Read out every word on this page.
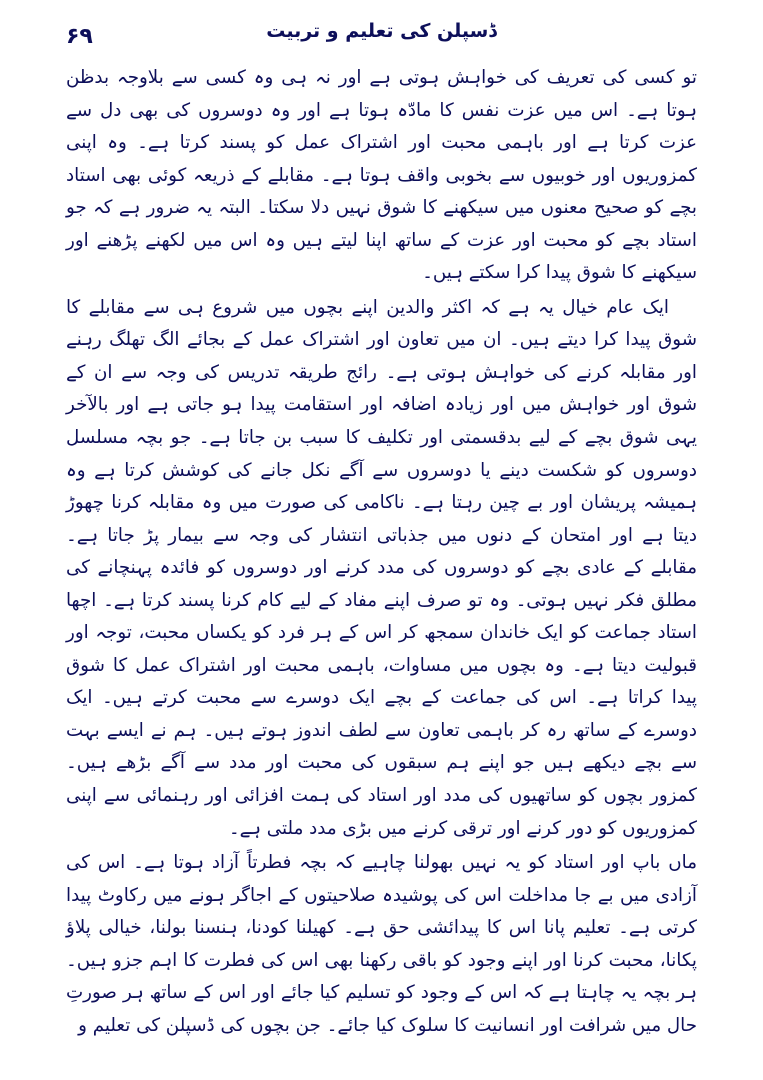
۶۹	ڈسپلن کی تعلیم و تربیت

تو کسی کی تعریف کی خواہش ہوتی ہے اور نہ ہی وہ کسی سے بلاوجہ بدظن ہوتا ہے۔ اس میں عزت نفس کا مادّہ ہوتا ہے اور وہ دوسروں کی بھی دل سے عزت کرتا ہے اور باہمی محبت اور اشتراک عمل کو پسند کرتا ہے۔ وہ اپنی کمزوریوں اور خوبیوں سے بخوبی واقف ہوتا ہے۔ مقابلے کے ذریعہ کوئی بھی استاد بچے کو صحیح معنوں میں سیکھنے کا شوق نہیں دلا سکتا۔ البتہ یہ ضرور ہے کہ جو استاد بچے کو محبت اور عزت کے ساتھ اپنا لیتے ہیں وہ اس میں لکھنے پڑھنے اور سیکھنے کا شوق پیدا کرا سکتے ہیں۔

ایک عام خیال یہ ہے کہ اکثر والدین اپنے بچوں میں شروع ہی سے مقابلے کا شوق پیدا کرا دیتے ہیں۔ ان میں تعاون اور اشتراک عمل کے بجائے الگ تھلگ رہنے اور مقابلہ کرنے کی خواہش ہوتی ہے۔ رائج طریقہ تدریس کی وجہ سے ان کے شوق اور خواہش میں اور زیادہ اضافہ اور استقامت پیدا ہو جاتی ہے اور بالآخر یہی شوق بچے کے لیے بدقسمتی اور تکلیف کا سبب بن جاتا ہے۔ جو بچہ مسلسل دوسروں کو شکست دینے یا دوسروں سے آگے نکل جانے کی کوشش کرتا ہے وہ ہمیشہ پریشان اور بے چین رہتا ہے۔ ناکامی کی صورت میں وہ مقابلہ کرنا چھوڑ دیتا ہے اور امتحان کے دنوں میں جذباتی انتشار کی وجہ سے بیمار پڑ جاتا ہے۔ مقابلے کے عادی بچے کو دوسروں کی مدد کرنے اور دوسروں کو فائدہ پہنچانے کی مطلق فکر نہیں ہوتی۔ وہ تو صرف اپنے مفاد کے لیے کام کرنا پسند کرتا ہے۔ اچھا استاد جماعت کو ایک خاندان سمجھ کر اس کے ہر فرد کو یکساں محبت، توجہ اور قبولیت دیتا ہے۔ وہ بچوں میں مساوات، باہمی محبت اور اشتراک عمل کا شوق پیدا کراتا ہے۔ اس کی جماعت کے بچے ایک دوسرے سے محبت کرتے ہیں۔ ایک دوسرے کے ساتھ رہ کر باہمی تعاون سے لطف اندوز ہوتے ہیں۔ ہم نے ایسے بہت سے بچے دیکھے ہیں جو اپنے ہم سبقوں کی محبت اور مدد سے آگے بڑھے ہیں۔ کمزور بچوں کو ساتھیوں کی مدد اور استاد کی ہمت افزائی اور رہنمائی سے اپنی کمزوریوں کو دور کرنے اور ترقی کرنے میں بڑی مدد ملتی ہے۔

ماں باپ اور استاد کو یہ نہیں بھولنا چاہیے کہ بچہ فطرتاً آزاد ہوتا ہے۔ اس کی آزادی میں بے جا مداخلت اس کی پوشیدہ صلاحیتوں کے اجاگر ہونے میں رکاوٹ پیدا کرتی ہے۔ تعلیم پانا اس کا پیدائشی حق ہے۔ کھیلنا کودنا، ہنسنا بولنا، خیالی پلاؤ پکانا، محبت کرنا اور اپنے وجود کو باقی رکھنا بھی اس کی فطرت کا اہم جزو ہیں۔ ہر بچہ یہ چاہتا ہے کہ اس کے وجود کو تسلیم کیا جائے اور اس کے ساتھ ہر صورتِ حال میں شرافت اور انسانیت کا سلوک کیا جائے۔ جن بچوں کی ڈسپلن کی تعلیم و
